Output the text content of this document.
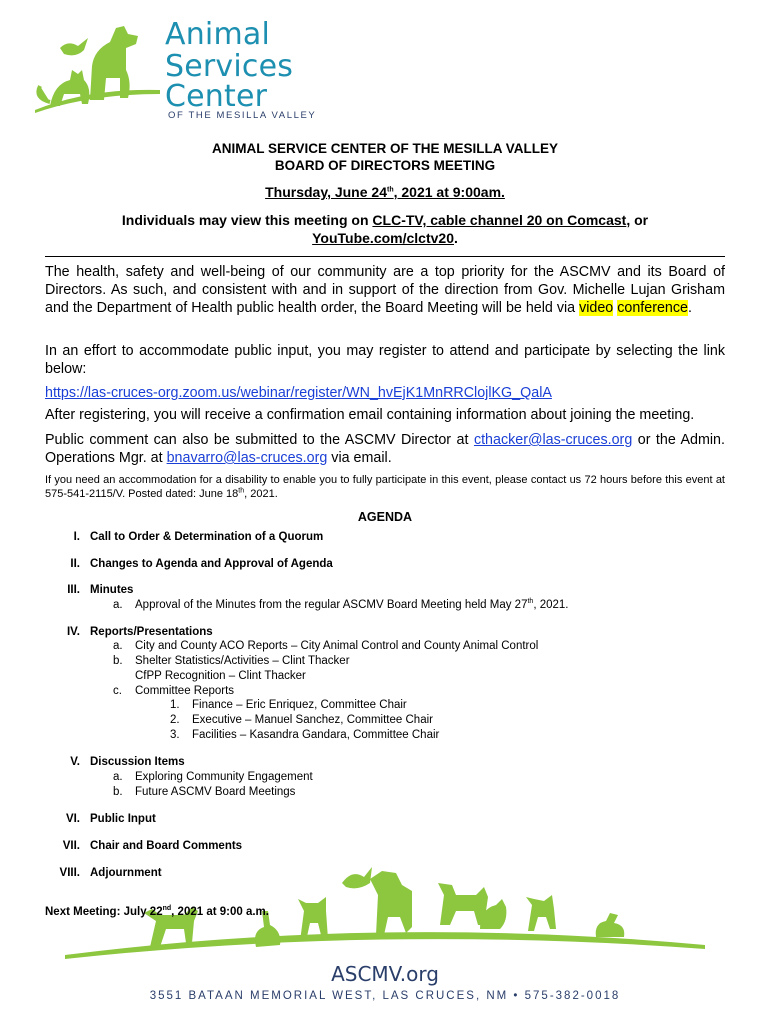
Animal
Services
Center
OF THE MESILLA VALLEY
ANIMAL SERVICE CENTER OF THE MESILLA VALLEY
BOARD OF DIRECTORS MEETING
Thursday, June 24th, 2021 at 9:00am.
Individuals may view this meeting on CLC-TV, cable channel 20 on Comcast, or
YouTube.com/clctv20.
The health, safety and well-being of our community are a top priority for the ASCMV and its Board of Directors. As such, and consistent with and in support of the direction from Gov. Michelle Lujan Grisham and the Department of Health public health order, the Board Meeting will be held via video conference.
In an effort to accommodate public input, you may register to attend and participate by selecting the link below:
https://las-cruces-org.zoom.us/webinar/register/WN_hvEjK1MnRRClojlKG_QalA
After registering, you will receive a confirmation email containing information about joining the meeting.
Public comment can also be submitted to the ASCMV Director at cthacker@las-cruces.org or the Admin. Operations Mgr. at bnavarro@las-cruces.org via email.
If you need an accommodation for a disability to enable you to fully participate in this event, please contact us 72 hours before this event at 575-541-2115/V. Posted dated: June 18th, 2021.
AGENDA
I. Call to Order & Determination of a Quorum
II. Changes to Agenda and Approval of Agenda
III. Minutes
a. Approval of the Minutes from the regular ASCMV Board Meeting held May 27th, 2021.
IV. Reports/Presentations
a. City and County ACO Reports – City Animal Control and County Animal Control
b. Shelter Statistics/Activities – Clint Thacker
CfPP Recognition – Clint Thacker
c. Committee Reports
1. Finance – Eric Enriquez, Committee Chair
2. Executive – Manuel Sanchez, Committee Chair
3. Facilities – Kasandra Gandara, Committee Chair
V. Discussion Items
a. Exploring Community Engagement
b. Future ASCMV Board Meetings
VI. Public Input
VII. Chair and Board Comments
VIII. Adjournment
Next Meeting: July 22nd, 2021 at 9:00 a.m.
ASCMV.org
3551 BATAAN MEMORIAL WEST, LAS CRUCES, NM • 575-382-0018
